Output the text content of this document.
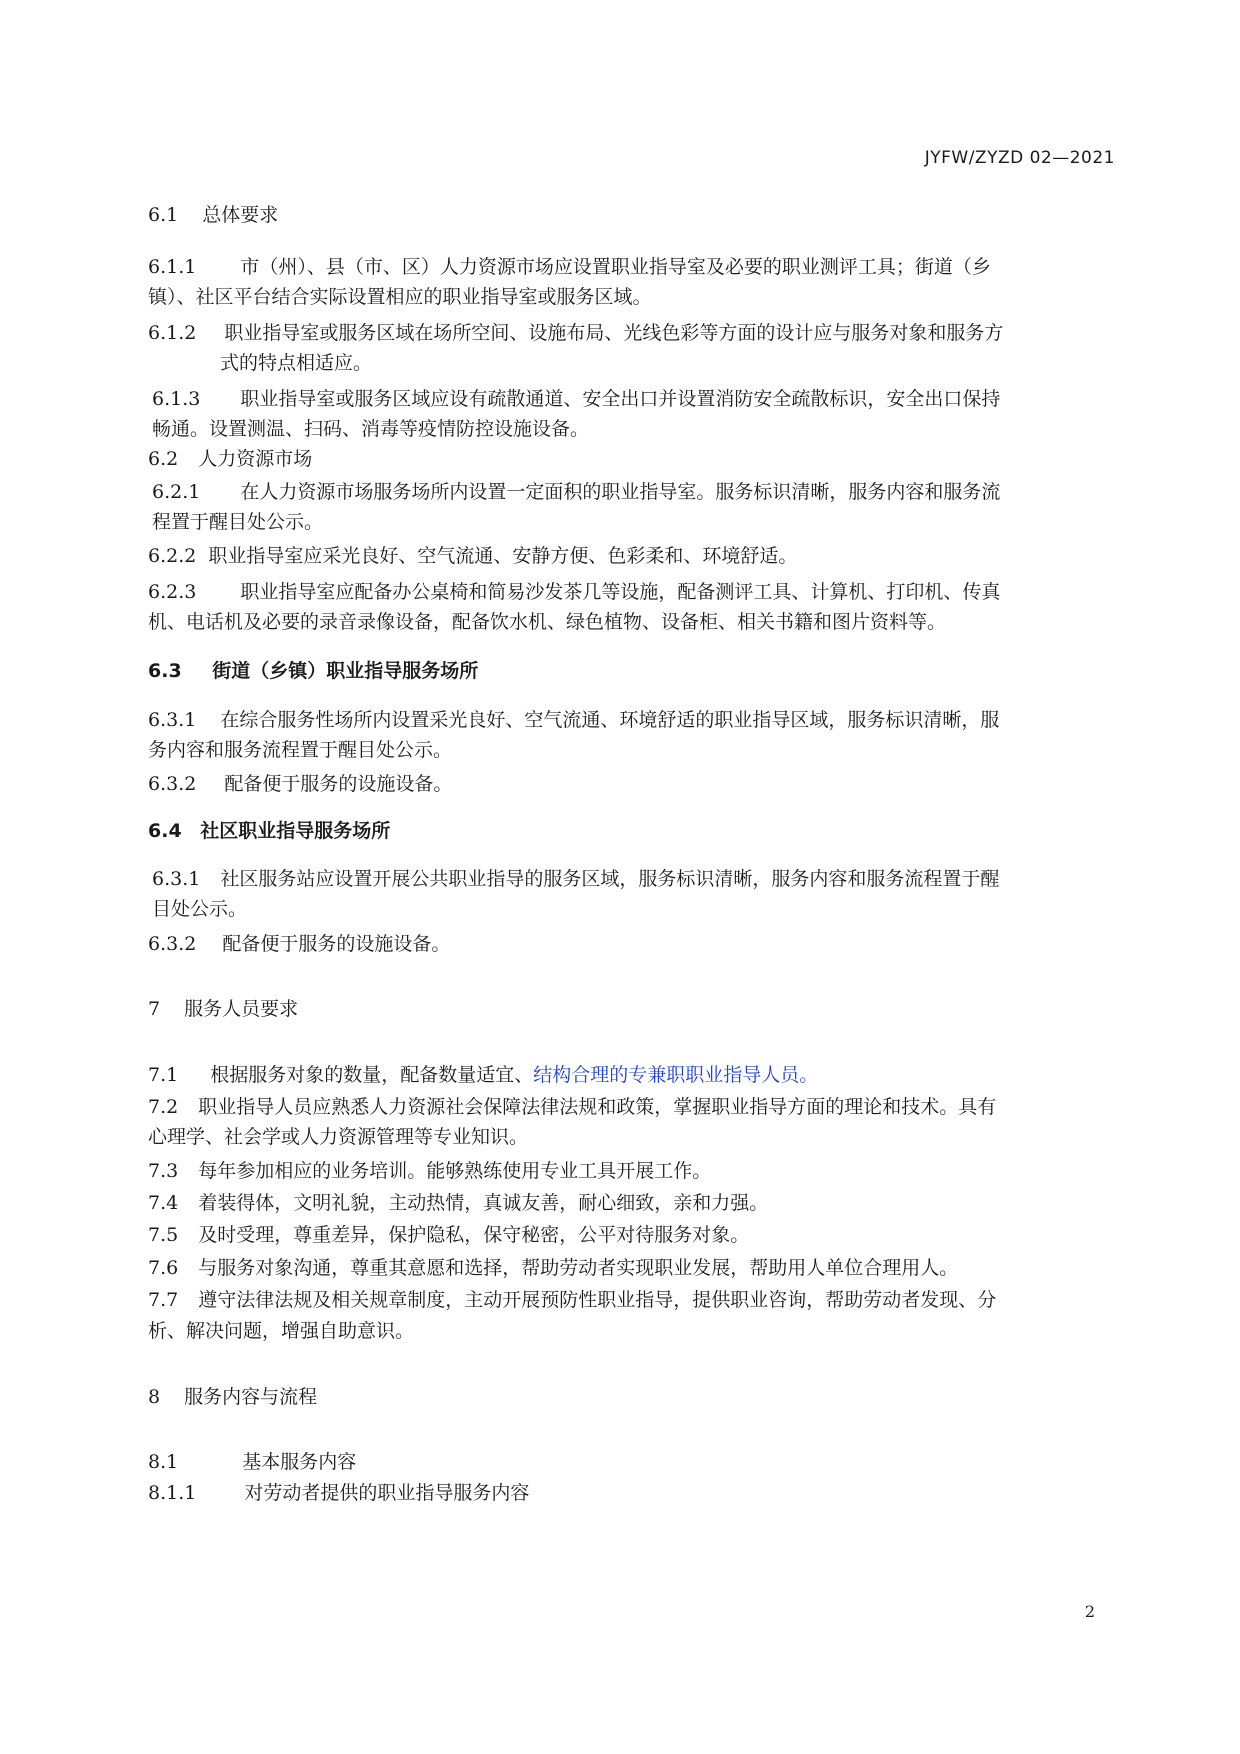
JYFW/ZYZD 02—2021
2
6.1 总体要求
6.1.1 市（州）、县（市、区）人力资源市场应设置职业指导室及必要的职业测评工具；街道（乡
镇）、社区平台结合实际设置相应的职业指导室或服务区域。
6.1.2 职业指导室或服务区域在场所空间、设施布局、光线色彩等方面的设计应与服务对象和服务方
式的特点相适应。
6.1.3 职业指导室或服务区域应设有疏散通道、安全出口并设置消防安全疏散标识，安全出口保持
畅通。设置测温、扫码、消毒等疫情防控设施设备。
6.2 人力资源市场
6.2.1 在人力资源市场服务场所内设置一定面积的职业指导室。服务标识清晰，服务内容和服务流
程置于醒目处公示。
6.2.2 职业指导室应采光良好、空气流通、安静方便、色彩柔和、环境舒适。
6.2.3 职业指导室应配备办公桌椅和简易沙发茶几等设施，配备测评工具、计算机、打印机、传真
机、电话机及必要的录音录像设备，配备饮水机、绿色植物、设备柜、相关书籍和图片资料等。
6.3 街道（乡镇）职业指导服务场所
6.3.1 在综合服务性场所内设置采光良好、空气流通、环境舒适的职业指导区域，服务标识清晰，服
务内容和服务流程置于醒目处公示。
6.3.2 配备便于服务的设施设备。
6.4 社区职业指导服务场所
6.3.1 社区服务站应设置开展公共职业指导的服务区域，服务标识清晰，服务内容和服务流程置于醒
目处公示。
6.3.2 配备便于服务的设施设备。
7 服务人员要求
7.1 根据服务对象的数量，配备数量适宜、结构合理的专兼职职业指导人员。
7.2 职业指导人员应熟悉人力资源社会保障法律法规和政策，掌握职业指导方面的理论和技术。具有
心理学、社会学或人力资源管理等专业知识。
7.3 每年参加相应的业务培训。能够熟练使用专业工具开展工作。
7.4 着装得体，文明礼貌，主动热情，真诚友善，耐心细致，亲和力强。
7.5 及时受理，尊重差异，保护隐私，保守秘密，公平对待服务对象。
7.6 与服务对象沟通，尊重其意愿和选择，帮助劳动者实现职业发展，帮助用人单位合理用人。
7.7 遵守法律法规及相关规章制度，主动开展预防性职业指导，提供职业咨询，帮助劳动者发现、分
析、解决问题，增强自助意识。
8 服务内容与流程
8.1	基本服务内容
8.1.1	对劳动者提供的职业指导服务内容
